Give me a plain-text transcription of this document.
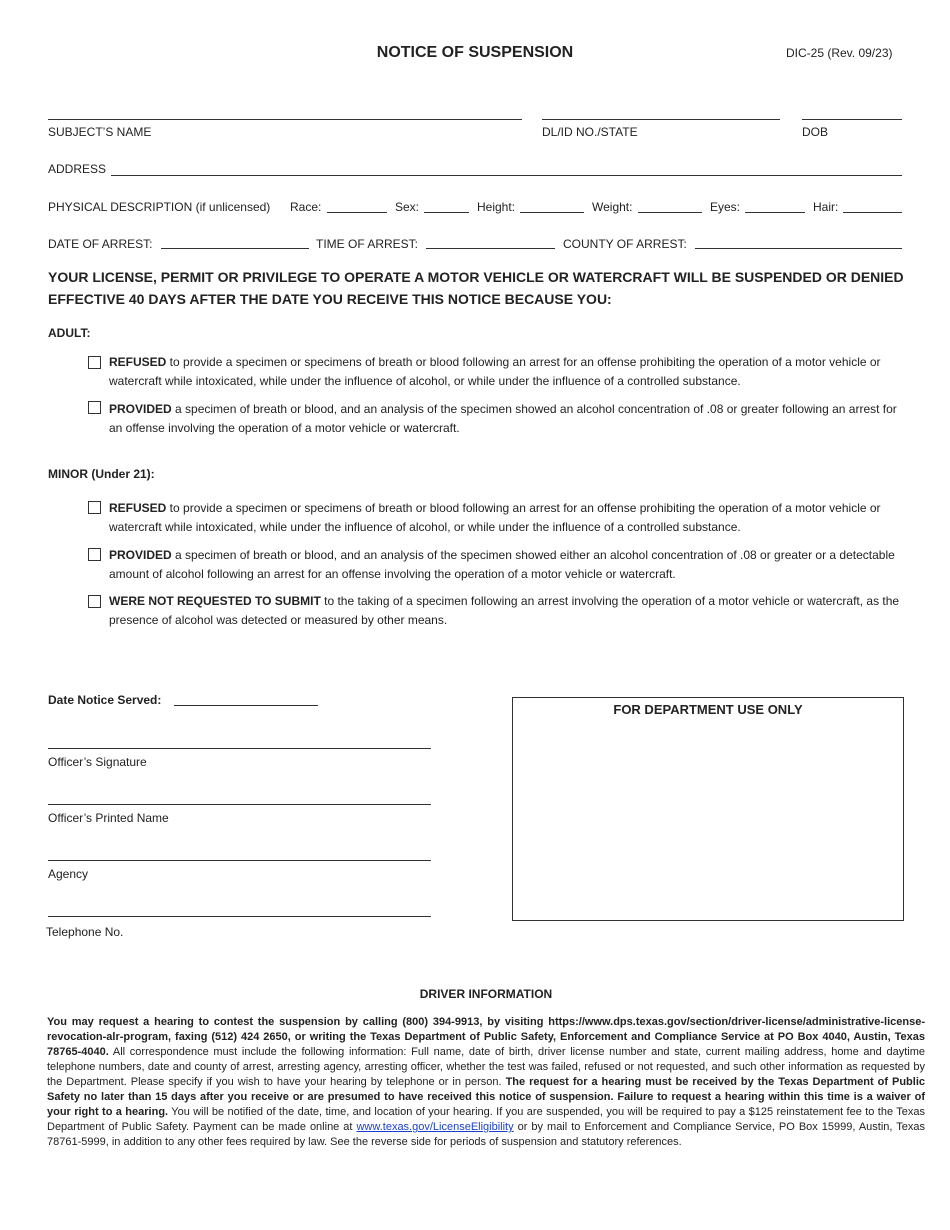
NOTICE OF SUSPENSION	DIC-25 (Rev. 09/23)
SUBJECT’S NAME	DL/ID NO./STATE	DOB
ADDRESS
PHYSICAL DESCRIPTION (if unlicensed) Race:	Sex:	Height:	Weight:	Eyes:	Hair:
DATE OF ARREST:	TIME OF ARREST:	COUNTY OF ARREST:
YOUR LICENSE, PERMIT OR PRIVILEGE TO OPERATE A MOTOR VEHICLE OR WATERCRAFT WILL BE SUSPENDED OR DENIED EFFECTIVE 40 DAYS AFTER THE DATE YOU RECEIVE THIS NOTICE BECAUSE YOU:
ADULT:
REFUSED to provide a specimen or specimens of breath or blood following an arrest for an offense prohibiting the operation of a motor vehicle or watercraft while intoxicated, while under the influence of alcohol, or while under the influence of a controlled substance.
PROVIDED a specimen of breath or blood, and an analysis of the specimen showed an alcohol concentration of .08 or greater following an arrest for an offense involving the operation of a motor vehicle or watercraft.
MINOR (Under 21):
REFUSED to provide a specimen or specimens of breath or blood following an arrest for an offense prohibiting the operation of a motor vehicle or watercraft while intoxicated, while under the influence of alcohol, or while under the influence of a controlled substance.
PROVIDED a specimen of breath or blood, and an analysis of the specimen showed either an alcohol concentration of .08 or greater or a detectable amount of alcohol following an arrest for an offense involving the operation of a motor vehicle or watercraft.
WERE NOT REQUESTED TO SUBMIT to the taking of a specimen following an arrest involving the operation of a motor vehicle or watercraft, as the presence of alcohol was detected or measured by other means.
Date Notice Served:
Officer’s Signature
Officer’s Printed Name
Agency
Telephone No.
FOR DEPARTMENT USE ONLY
DRIVER INFORMATION
You may request a hearing to contest the suspension by calling (800) 394-9913, by visiting https://www.dps.texas.gov/section/driver-license/administrative-license-revocation-alr-program, faxing (512) 424 2650, or writing the Texas Department of Public Safety, Enforcement and Compliance Service at PO Box 4040, Austin, Texas 78765-4040. All correspondence must include the following information: Full name, date of birth, driver license number and state, current mailing address, home and daytime telephone numbers, date and county of arrest, arresting agency, arresting officer, whether the test was failed, refused or not requested, and such other information as requested by the Department. Please specify if you wish to have your hearing by telephone or in person. The request for a hearing must be received by the Texas Department of Public Safety no later than 15 days after you receive or are presumed to have received this notice of suspension. Failure to request a hearing within this time is a waiver of your right to a hearing. You will be notified of the date, time, and location of your hearing. If you are suspended, you will be required to pay a $125 reinstatement fee to the Texas Department of Public Safety. Payment can be made online at www.texas.gov/LicenseEligibility or by mail to Enforcement and Compliance Service, PO Box 15999, Austin, Texas 78761-5999, in addition to any other fees required by law. See the reverse side for periods of suspension and statutory references.
